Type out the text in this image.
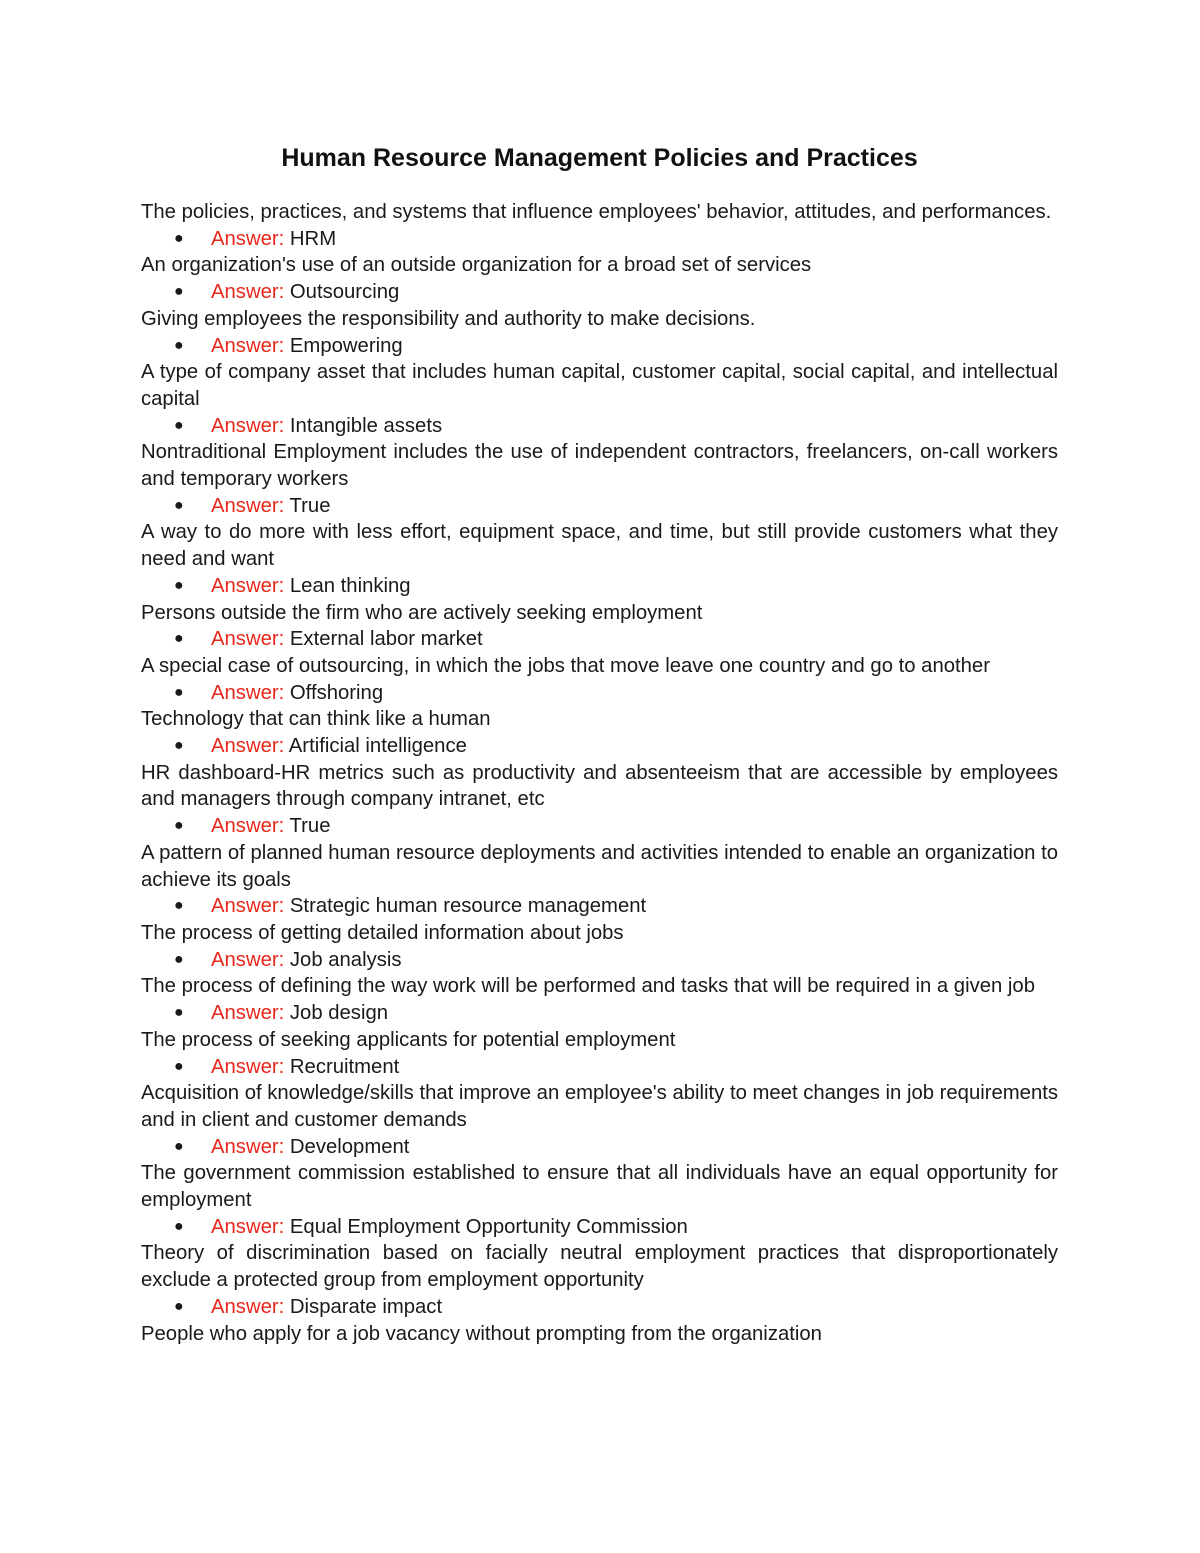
Human Resource Management Policies and Practices

The policies, practices, and systems that influence employees' behavior, attitudes, and performances.

● Answer: HRM

An organization's use of an outside organization for a broad set of services

● Answer: Outsourcing

Giving employees the responsibility and authority to make decisions.

● Answer: Empowering

A type of company asset that includes human capital, customer capital, social capital, and intellectual capital

● Answer: Intangible assets

Nontraditional Employment includes the use of independent contractors, freelancers, on-call workers and temporary workers

● Answer: True

A way to do more with less effort, equipment space, and time, but still provide customers what they need and want

● Answer: Lean thinking

Persons outside the firm who are actively seeking employment

● Answer: External labor market

A special case of outsourcing, in which the jobs that move leave one country and go to another

● Answer: Offshoring

Technology that can think like a human

● Answer: Artificial intelligence

HR dashboard-HR metrics such as productivity and absenteeism that are accessible by employees and managers through company intranet, etc

● Answer: True

A pattern of planned human resource deployments and activities intended to enable an organization to achieve its goals

● Answer: Strategic human resource management

The process of getting detailed information about jobs

● Answer: Job analysis

The process of defining the way work will be performed and tasks that will be required in a given job

● Answer: Job design

The process of seeking applicants for potential employment

● Answer: Recruitment

Acquisition of knowledge/skills that improve an employee's ability to meet changes in job requirements and in client and customer demands

● Answer: Development

The government commission established to ensure that all individuals have an equal opportunity for employment

● Answer: Equal Employment Opportunity Commission

Theory of discrimination based on facially neutral employment practices that disproportionately exclude a protected group from employment opportunity

● Answer: Disparate impact

People who apply for a job vacancy without prompting from the organization
